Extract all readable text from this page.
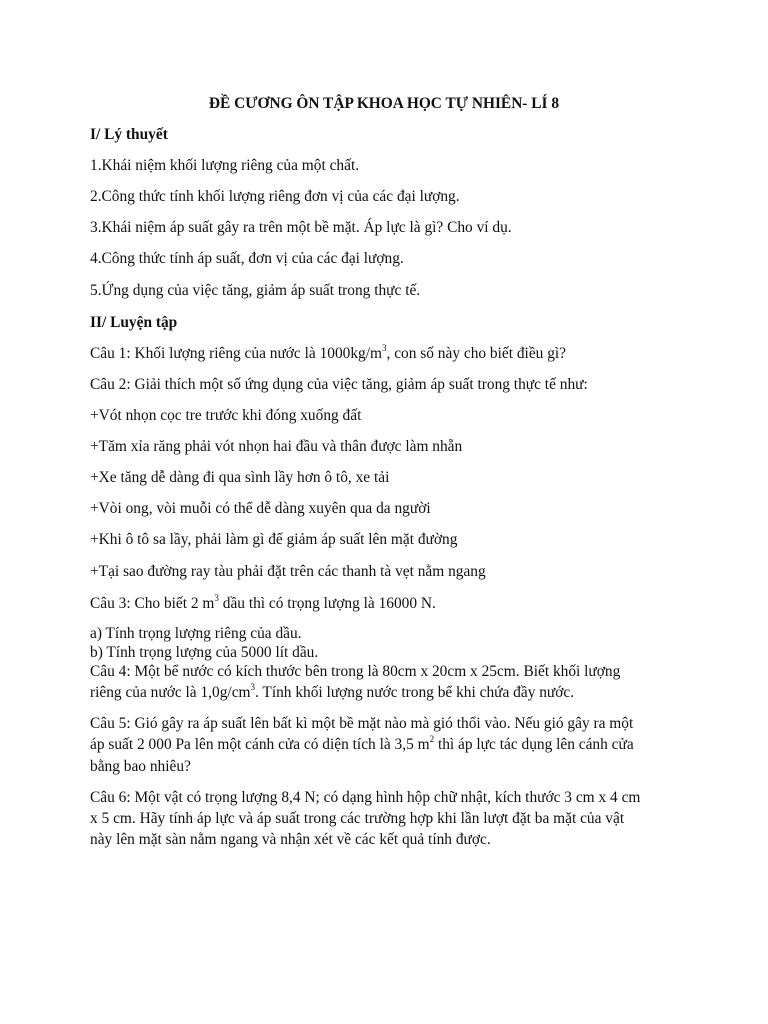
ĐỀ CƯƠNG ÔN TẬP KHOA HỌC TỰ NHIÊN- LÍ 8
I/ Lý thuyết
1.Khái niệm khối lượng riêng của một chất.
2.Công thức tính khối lượng riêng đơn vị của các đại lượng.
3.Khái niệm áp suất gây ra trên một bề mặt. Áp lực là gì? Cho ví dụ.
4.Công thức tính áp suất, đơn vị của các đại lượng.
5.Ứng dụng của việc tăng, giảm áp suất trong thực tế.
II/ Luyện tập
Câu 1: Khối lượng riêng của nước là $1000kg/m^3$, con số này cho biết điều gì?
Câu 2: Giải thích một số ứng dụng của việc tăng, giảm áp suất trong thực tế như:
+Vót nhọn cọc tre trước khi đóng xuống đất
+Tăm xỉa răng phải vót nhọn hai đầu và thân được làm nhẵn
+Xe tăng dễ dàng đi qua sình lầy hơn ô tô, xe tải
+Vòi ong, vòi muỗi có thể dễ dàng xuyên qua da người
+Khi ô tô sa lầy, phải làm gì để giảm áp suất lên mặt đường
+Tại sao đường ray tàu phải đặt trên các thanh tà vẹt nằm ngang
Câu 3: Cho biết 2 $m^3$ dầu thì có trọng lượng là 16000 N.
a) Tính trọng lượng riêng của dầu.
b) Tính trọng lượng của 5000 lít dầu.
Câu 4: Một bể nước có kích thước bên trong là 80cm x 20cm x 25cm. Biết khối lượng
riêng của nước là $1,0g/cm^3$. Tính khối lượng nước trong bể khi chứa đầy nước.
Câu 5: Gió gây ra áp suất lên bất kì một bề mặt nào mà gió thổi vào. Nếu gió gây ra một
áp suất 2 000 Pa lên một cánh cửa có diện tích là 3,5 $m^2$ thì áp lực tác dụng lên cánh cửa
bằng bao nhiêu?
Câu 6: Một vật có trọng lượng 8,4 N; có dạng hình hộp chữ nhật, kích thước 3 cm x 4 cm
x 5 cm. Hãy tính áp lực và áp suất trong các trường hợp khi lần lượt đặt ba mặt của vật
này lên mặt sàn nằm ngang và nhận xét về các kết quả tính được.
